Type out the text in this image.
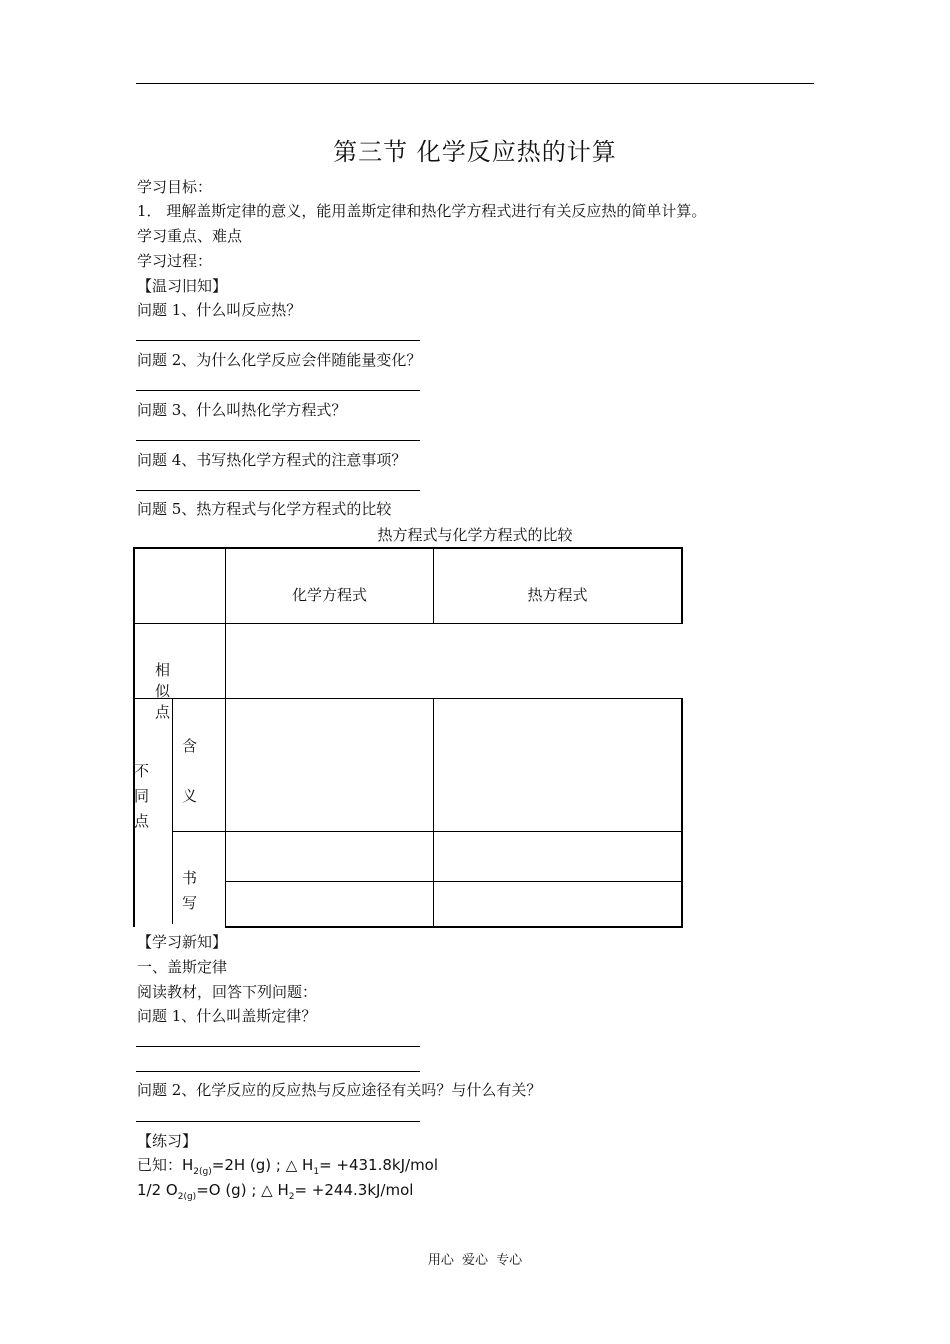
第三节 化学反应热的计算
学习目标：
1． 理解盖斯定律的意义，能用盖斯定律和热化学方程式进行有关反应热的简单计算。
学习重点、难点
学习过程：
【温习旧知】
问题 1、什么叫反应热？
问题 2、为什么化学反应会伴随能量变化？
问题 3、什么叫热化学方程式？
问题 4、书写热化学方程式的注意事项？
问题 5、热方程式与化学方程式的比较
热方程式与化学方程式的比较
化学方程式	热方程式
相似点
不
同
点
含
义
书
写
【学习新知】
一、盖斯定律
阅读教材，回答下列问题：
问题 1、什么叫盖斯定律？
问题 2、化学反应的反应热与反应途径有关吗？与什么有关？
【练习】
已知：$H_{2(g)}=2H$ (g) ; △ $H_1= +431.8kJ/mol$
1/2 $O_{2(g)}=O$ (g) ; △ $H_2= +244.3kJ/mol$
用心 爱心 专心
